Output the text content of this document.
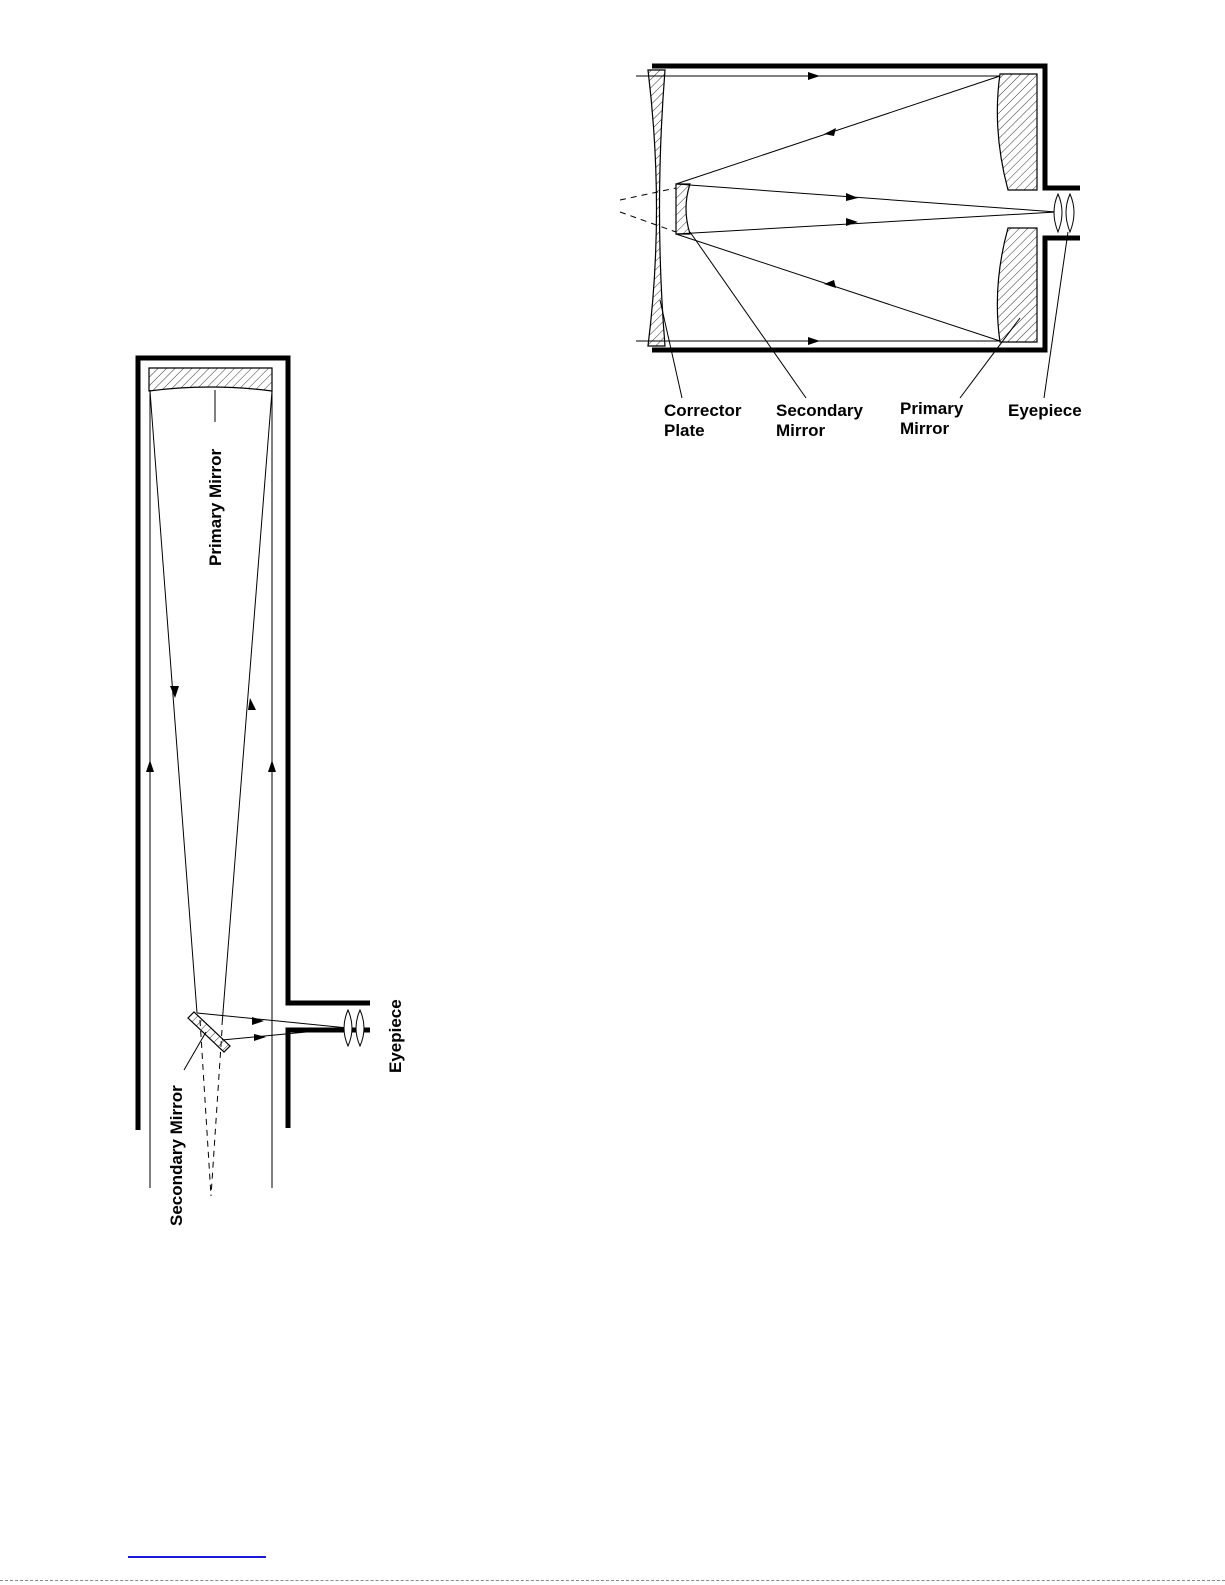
Primary Mirror
Secondary Mirror
Eyepiece
Corrector
Plate
Secondary
Mirror
Primary
Mirror
Eyepiece
